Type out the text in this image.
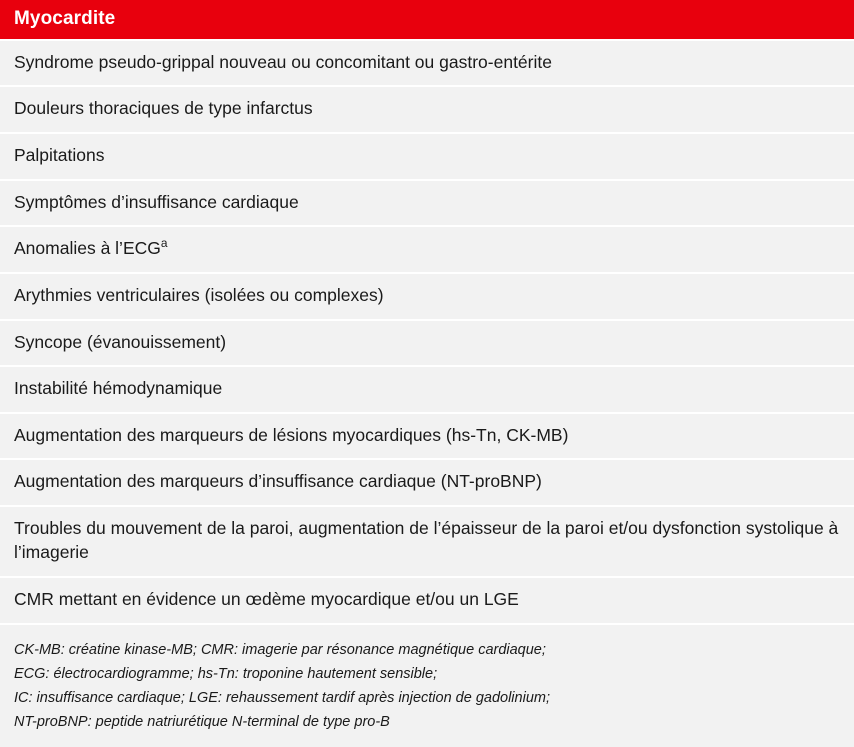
Myocardite
Syndrome pseudo-grippal nouveau ou concomitant ou gastro-entérite
Douleurs thoraciques de type infarctus
Palpitations
Symptômes d’insuffisance cardiaque
Anomalies à l’ECG$^a$
Arythmies ventriculaires (isolées ou complexes)
Syncope (évanouissement)
Instabilité hémodynamique
Augmentation des marqueurs de lésions myocardiques (hs-Tn, CK-MB)
Augmentation des marqueurs d’insuffisance cardiaque (NT-proBNP)
Troubles du mouvement de la paroi, augmentation de l’épaisseur de la paroi et/ou dysfonction systolique à l’imagerie
CMR mettant en évidence un œdème myocardique et/ou un LGE
CK-MB: créatine kinase-MB; CMR: imagerie par résonance magnétique cardiaque;
ECG: électrocardiogramme; hs-Tn: troponine hautement sensible;
IC: insuffisance cardiaque; LGE: rehaussement tardif après injection de gadolinium;
NT-proBNP: peptide natriurétique N-terminal de type pro-B
